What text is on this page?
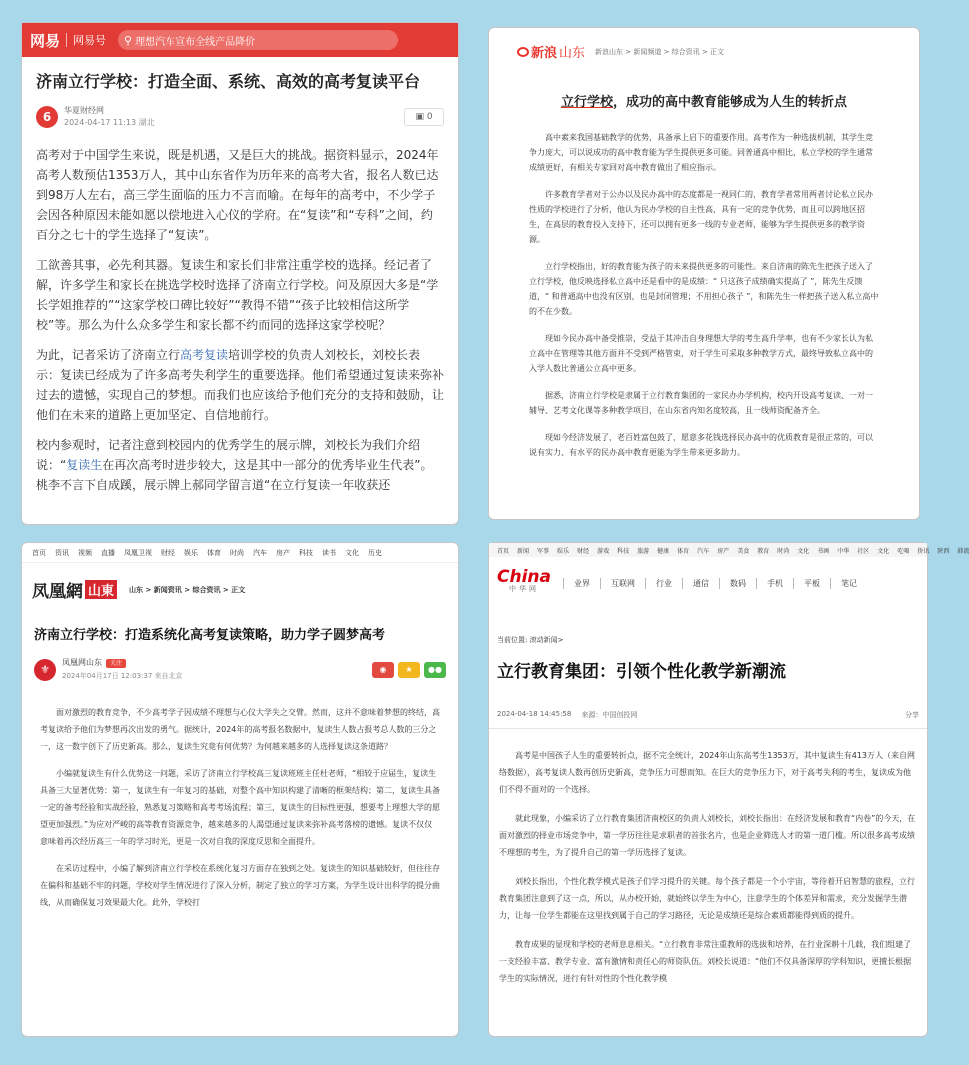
网易 网易号 ⚲ 理想汽车宣布全线产品降价
济南立行学校：打造全面、系统、高效的高考复读平台
6	华夏财经网
2024-04-17 11:13 湖北
▣ 0

高考对于中国学生来说，既是机遇，又是巨大的挑战。据资料显示，2024年高考人数预估1353万人，其中山东省作为历年来的高考大省，报名人数已达到98万人左右，高三学生面临的压力不言而喻。在每年的高考中，不少学子会因各种原因未能如愿以偿地进入心仪的学府。在“复读”和“专科”之间，约百分之七十的学生选择了“复读”。

工欲善其事，必先利其器。复读生和家长们非常注重学校的选择。经记者了解，许多学生和家长在挑选学校时选择了济南立行学校。问及原因大多是“学长学姐推荐的”“这家学校口碑比较好”“教得不错”“孩子比较相信这所学校”等。那么为什么众多学生和家长都不约而同的选择这家学校呢？

为此，记者采访了济南立行高考复读培训学校的负责人刘校长，刘校长表示：复读已经成为了许多高考失利学生的重要选择。他们希望通过复读来弥补过去的遗憾，实现自己的梦想。而我们也应该给予他们充分的支持和鼓励，让他们在未来的道路上更加坚定、自信地前行。

校内参观时，记者注意到校园内的优秀学生的展示牌，刘校长为我们介绍说：“复读生在再次高考时进步较大，这是其中一部分的优秀毕业生代表”。桃李不言下自成蹊，展示牌上郝同学留言道“在立行复读一年收获还

新浪 山东 新浪山东 > 新闻频道 > 综合资讯 > 正文
立行学校，成功的高中教育能够成为人生的转折点

高中素来我国基础教学的优势，具备承上启下的重要作用。高考作为一种选拔机制，其学生竞争力庞大，可以说成功的高中教育能为学生提供更多可能。同普通高中相比，私立学校的学生通常成绩更好，有相关专家回对高中教育做出了相应指示。

许多教育学者对于公办以及民办高中的态度都是一视同仁的，教育学者常用两者讨论私立民办性质的学校进行了分析，他认为民办学校的自主性高，具有一定的竞争优势，而且可以跨地区招生，在高层的教育投入支持下，还可以拥有更多一线的专业老师，能够为学生提供更多的教学资源。

立行学校指出，好的教育能为孩子的未来提供更多的可能性。来自济南的陈先生把孩子送入了立行学校，他反映选择私立高中还是看中的是成绩：“ 只这孩子成绩确实提高了 ”，陈先生反馈道，“ 和普通高中也没有区别，也是封闭管理；不用担心孩子 ”，和陈先生一样把孩子送入私立高中的不在少数。

现如今民办高中备受推崇，受益于其冲击自身理想大学的考生高升学率，也有不少家长认为私立高中在管理等其他方面并不受到严格管束，对于学生可采取多种教学方式，最终导致私立高中的入学人数比普通公立高中更多。

据悉，济南立行学校是隶属于立行教育集团的一家民办办学机构，校内开设高考复读、一对一辅导、艺考文化课等多种教学项目，在山东省内知名度较高，且一线师资配备齐全。

现如今经济发展了，老百姓富包鼓了，愿意多花钱选择民办高中的优质教育是很正常的，可以说有实力、有水平的民办高中教育更能为学生带来更多助力。

首页 资讯 视频 直播 凤凰卫视 财经 娱乐 体育 时尚 汽车 房产 科技 读书 文化 历史
凤凰網 山東	山东 > 新闻资讯 > 综合资讯 > 正文
济南立行学校：打造系统化高考复读策略，助力学子圆梦高考
⚜
凤凰网山东 关注
2024年04月17日 12:03:37 来自北京
◉	★	●●

面对激烈的教育竞争，不少高考学子因成绩不理想与心仪大学失之交臂。然而，这并不意味着梦想的终结，高考复读给予他们为梦想再次出发的勇气。据统计，2024年的高考报名数据中，复读生人数占报考总人数的三分之一，这一数字创下了历史新高。那么，复读生究竟有何优势？为何越来越多的人选择复读这条道路？

小编就复读生有什么优势这一问题，采访了济南立行学校高三复读班班主任杜老师，“相较于应届生，复读生具备三大显著优势：第一，复读生有一年复习的基础，对整个高中知识构建了清晰的框架结构；第二，复读生具备一定的备考经验和实战经验，熟悉复习策略和高考考场流程；第三，复读生的目标性更强，想要考上理想大学的愿望更加强烈。”为应对严峻的高等教育资源竞争，越来越多的人渴望通过复读来弥补高考落榜的遗憾。复读不仅仅意味着再次经历高三一年的学习时光，更是一次对自我的深度反思和全面提升。

在采访过程中，小编了解到济南立行学校在系统化复习方面存在独到之处。复读生的知识基础较好，但往往存在偏科和基础不牢的问题，学校对学生情况进行了深入分析，制定了独立的学习方案，为学生设计出科学的提分曲线，从而确保复习效果最大化。此外，学校打

首页 新闻 军事 娱乐 财经 游戏 科技 旅游 健康 体育 汽车 房产 美食 教育 时尚 文化 书画 中华 社区 文化 吃喝 侨讯 陕西 韩流
China
中华网
业界	互联网	行业	通信	数码	手机	平板	笔记
当前位置: 滚动新闻>
立行教育集团：引领个性化教学新潮流
2024-04-18 14:45:58 来源：中国创投网	分享

高考是中国孩子人生的重要转折点，据不完全统计，2024年山东高考生1353万，其中复读生有413万人（来自网络数据），高考复读人数再创历史新高，竞争压力可想而知。在巨大的竞争压力下，对于高考失利的考生，复读成为他们不得不面对的一个选择。

就此现象，小编采访了立行教育集团济南校区的负责人刘校长，刘校长指出：在经济发展和教育“内卷”的今天，在面对激烈的择业市场竞争中，第一学历往往是求职者的首张名片，也是企业筛选人才的第一道门槛。所以很多高考成绩不理想的考生，为了提升自己的第一学历选择了复读。

刘校长指出，个性化教学模式是孩子们学习提升的关键。每个孩子都是一个小宇宙，等待着开启智慧的旅程，立行教育集团注意到了这一点，所以，从办校开始，就始终以学生为中心，注意学生的个体差异和需求，充分发掘学生潜力，让每一位学生都能在这里找到属于自己的学习路径，无论是成绩还是综合素质都能得到质的提升。

教育成果的显现和学校的老师息息相关。“立行教育非常注重教师的选拔和培养，在行业深耕十几载，我们组建了一支经验丰富、教学专业、富有激情和责任心的师资队伍。刘校长说道：“他们不仅具备深厚的学科知识，更擅长根据学生的实际情况，进行有针对性的个性化教学模
